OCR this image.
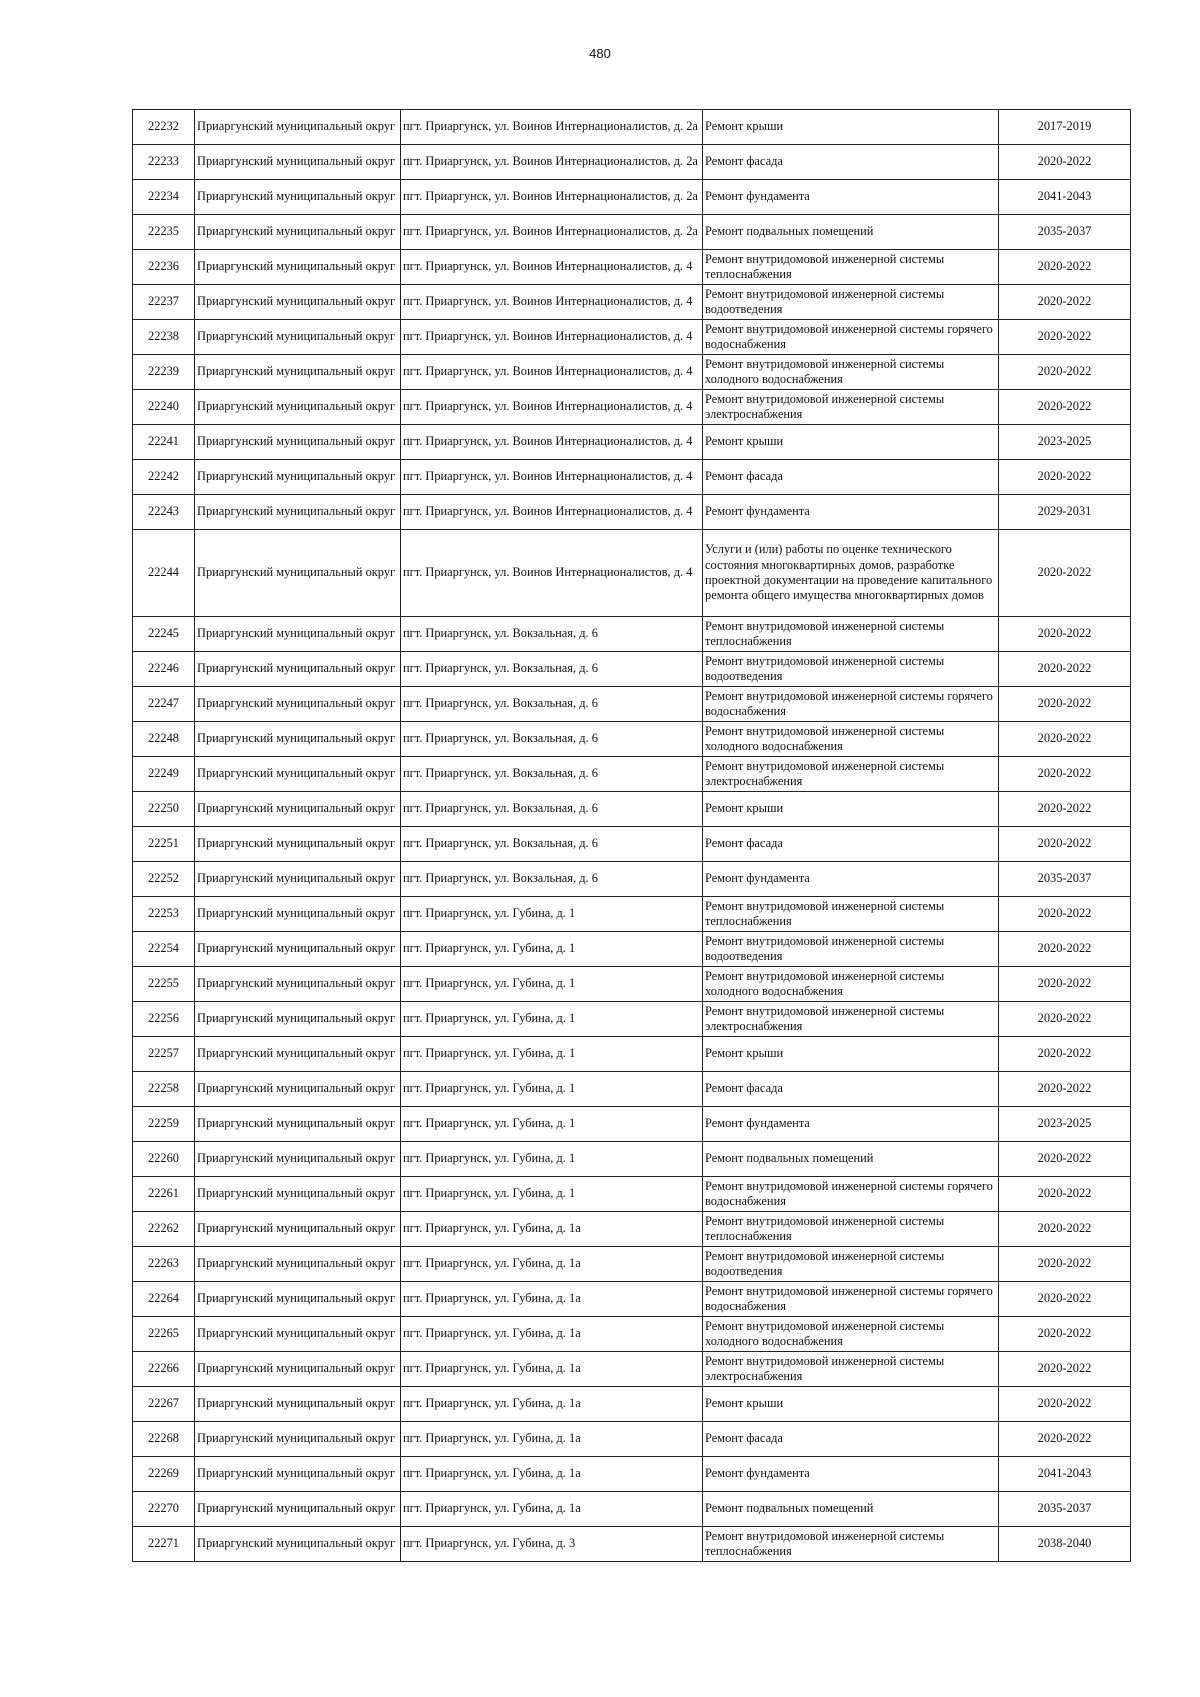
480
22232	Приаргунский муниципальный округ	пгт. Приаргунск, ул. Воинов Интернационалистов, д. 2а	Ремонт крыши	2017-2019
22233	Приаргунский муниципальный округ	пгт. Приаргунск, ул. Воинов Интернационалистов, д. 2а	Ремонт фасада	2020-2022
22234	Приаргунский муниципальный округ	пгт. Приаргунск, ул. Воинов Интернационалистов, д. 2а	Ремонт фундамента	2041-2043
22235	Приаргунский муниципальный округ	пгт. Приаргунск, ул. Воинов Интернационалистов, д. 2а	Ремонт подвальных помещений	2035-2037
22236	Приаргунский муниципальный округ	пгт. Приаргунск, ул. Воинов Интернационалистов, д. 4	Ремонт внутридомовой инженерной системы теплоснабжения	2020-2022
22237	Приаргунский муниципальный округ	пгт. Приаргунск, ул. Воинов Интернационалистов, д. 4	Ремонт внутридомовой инженерной системы водоотведения	2020-2022
22238	Приаргунский муниципальный округ	пгт. Приаргунск, ул. Воинов Интернационалистов, д. 4	Ремонт внутридомовой инженерной системы горячего водоснабжения	2020-2022
22239	Приаргунский муниципальный округ	пгт. Приаргунск, ул. Воинов Интернационалистов, д. 4	Ремонт внутридомовой инженерной системы холодного водоснабжения	2020-2022
22240	Приаргунский муниципальный округ	пгт. Приаргунск, ул. Воинов Интернационалистов, д. 4	Ремонт внутридомовой инженерной системы электроснабжения	2020-2022
22241	Приаргунский муниципальный округ	пгт. Приаргунск, ул. Воинов Интернационалистов, д. 4	Ремонт крыши	2023-2025
22242	Приаргунский муниципальный округ	пгт. Приаргунск, ул. Воинов Интернационалистов, д. 4	Ремонт фасада	2020-2022
22243	Приаргунский муниципальный округ	пгт. Приаргунск, ул. Воинов Интернационалистов, д. 4	Ремонт фундамента	2029-2031
22244	Приаргунский муниципальный округ	пгт. Приаргунск, ул. Воинов Интернационалистов, д. 4	Услуги и (или) работы по оценке технического состояния многоквартирных домов, разработке проектной документации на проведение капитального ремонта общего имущества многоквартирных домов	2020-2022
22245	Приаргунский муниципальный округ	пгт. Приаргунск, ул. Вокзальная, д. 6	Ремонт внутридомовой инженерной системы теплоснабжения	2020-2022
22246	Приаргунский муниципальный округ	пгт. Приаргунск, ул. Вокзальная, д. 6	Ремонт внутридомовой инженерной системы водоотведения	2020-2022
22247	Приаргунский муниципальный округ	пгт. Приаргунск, ул. Вокзальная, д. 6	Ремонт внутридомовой инженерной системы горячего водоснабжения	2020-2022
22248	Приаргунский муниципальный округ	пгт. Приаргунск, ул. Вокзальная, д. 6	Ремонт внутридомовой инженерной системы холодного водоснабжения	2020-2022
22249	Приаргунский муниципальный округ	пгт. Приаргунск, ул. Вокзальная, д. 6	Ремонт внутридомовой инженерной системы электроснабжения	2020-2022
22250	Приаргунский муниципальный округ	пгт. Приаргунск, ул. Вокзальная, д. 6	Ремонт крыши	2020-2022
22251	Приаргунский муниципальный округ	пгт. Приаргунск, ул. Вокзальная, д. 6	Ремонт фасада	2020-2022
22252	Приаргунский муниципальный округ	пгт. Приаргунск, ул. Вокзальная, д. 6	Ремонт фундамента	2035-2037
22253	Приаргунский муниципальный округ	пгт. Приаргунск, ул. Губина, д. 1	Ремонт внутридомовой инженерной системы теплоснабжения	2020-2022
22254	Приаргунский муниципальный округ	пгт. Приаргунск, ул. Губина, д. 1	Ремонт внутридомовой инженерной системы водоотведения	2020-2022
22255	Приаргунский муниципальный округ	пгт. Приаргунск, ул. Губина, д. 1	Ремонт внутридомовой инженерной системы холодного водоснабжения	2020-2022
22256	Приаргунский муниципальный округ	пгт. Приаргунск, ул. Губина, д. 1	Ремонт внутридомовой инженерной системы электроснабжения	2020-2022
22257	Приаргунский муниципальный округ	пгт. Приаргунск, ул. Губина, д. 1	Ремонт крыши	2020-2022
22258	Приаргунский муниципальный округ	пгт. Приаргунск, ул. Губина, д. 1	Ремонт фасада	2020-2022
22259	Приаргунский муниципальный округ	пгт. Приаргунск, ул. Губина, д. 1	Ремонт фундамента	2023-2025
22260	Приаргунский муниципальный округ	пгт. Приаргунск, ул. Губина, д. 1	Ремонт подвальных помещений	2020-2022
22261	Приаргунский муниципальный округ	пгт. Приаргунск, ул. Губина, д. 1	Ремонт внутридомовой инженерной системы горячего водоснабжения	2020-2022
22262	Приаргунский муниципальный округ	пгт. Приаргунск, ул. Губина, д. 1а	Ремонт внутридомовой инженерной системы теплоснабжения	2020-2022
22263	Приаргунский муниципальный округ	пгт. Приаргунск, ул. Губина, д. 1а	Ремонт внутридомовой инженерной системы водоотведения	2020-2022
22264	Приаргунский муниципальный округ	пгт. Приаргунск, ул. Губина, д. 1а	Ремонт внутридомовой инженерной системы горячего водоснабжения	2020-2022
22265	Приаргунский муниципальный округ	пгт. Приаргунск, ул. Губина, д. 1а	Ремонт внутридомовой инженерной системы холодного водоснабжения	2020-2022
22266	Приаргунский муниципальный округ	пгт. Приаргунск, ул. Губина, д. 1а	Ремонт внутридомовой инженерной системы электроснабжения	2020-2022
22267	Приаргунский муниципальный округ	пгт. Приаргунск, ул. Губина, д. 1а	Ремонт крыши	2020-2022
22268	Приаргунский муниципальный округ	пгт. Приаргунск, ул. Губина, д. 1а	Ремонт фасада	2020-2022
22269	Приаргунский муниципальный округ	пгт. Приаргунск, ул. Губина, д. 1а	Ремонт фундамента	2041-2043
22270	Приаргунский муниципальный округ	пгт. Приаргунск, ул. Губина, д. 1а	Ремонт подвальных помещений	2035-2037
22271	Приаргунский муниципальный округ	пгт. Приаргунск, ул. Губина, д. 3	Ремонт внутридомовой инженерной системы теплоснабжения	2038-2040
